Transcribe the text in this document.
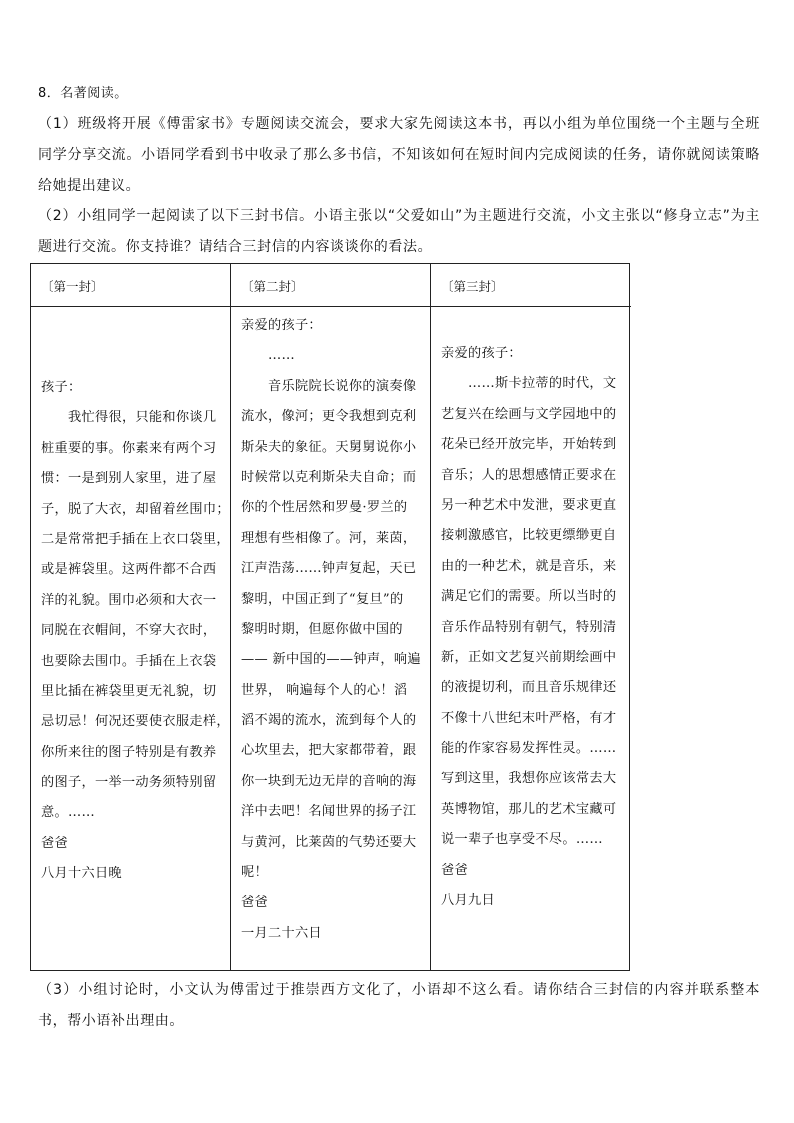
8．名著阅读。
（1）班级将开展《傅雷家书》专题阅读交流会，要求大家先阅读这本书，再以小组为单位围绕一个主题与全班同学分享交流。小语同学看到书中收录了那么多书信，不知该如何在短时间内完成阅读的任务，请你就阅读策略给她提出建议。
（2）小组同学一起阅读了以下三封书信。小语主张以“父爱如山”为主题进行交流，小文主张以“修身立志”为主题进行交流。你支持谁？请结合三封信的内容谈谈你的看法。
〔第一封〕	〔第二封〕	〔第三封〕
孩子：
我忙得很，只能和你谈几
桩重要的事。你素来有两个习
惯：一是到别人家里，进了屋
子，脱了大衣，却留着丝围巾；
二是常常把手插在上衣口袋里，
或是裤袋里。这两件都不合西
洋的礼貌。围巾必须和大衣一
同脱在衣帽间，不穿大衣时，
也要除去围巾。手插在上衣袋
里比插在裤袋里更无礼貌，切
忌切忌！何况还要使衣服走样，
你所来往的图子特别是有教养
的图子，一举一动务须特别留
意。……
爸爸
八月十六日晚
亲爱的孩子：
……
音乐院院长说你的演奏像
流水，像河；更令我想到克利
斯朵夫的象征。天舅舅说你小
时候常以克利斯朵夫自命；而
你的个性居然和罗曼·罗兰的
理想有些相像了。河，莱茵，
江声浩荡……钟声复起，天已
黎明，中国正到了“复旦”的
黎明时期，但愿你做中国的
—— 新中国的——钟声，响遍
世界， 响遍每个人的心！滔
滔不竭的流水，流到每个人的
心坎里去，把大家都带着，跟
你一块到无边无岸的音响的海
洋中去吧！名闻世界的扬子江
与黄河，比莱茵的气势还要大
呢！
爸爸
一月二十六日
亲爱的孩子：
……斯卡拉蒂的时代，文
艺复兴在绘画与文学园地中的
花朵已经开放完毕，开始转到
音乐；人的思想感情正要求在
另一种艺术中发泄，要求更直
接刺激感官，比较更缥缈更自
由的一种艺术，就是音乐，来
满足它们的需要。所以当时的
音乐作品特别有朝气，特别清
新，正如文艺复兴前期绘画中
的液提切利，而且音乐规律还
不像十八世纪末叶严格，有才
能的作家容易发挥性灵。……
写到这里，我想你应该常去大
英博物馆，那儿的艺术宝藏可
说一辈子也享受不尽。……
爸爸
八月九日
（3）小组讨论时，小文认为傅雷过于推崇西方文化了，小语却不这么看。请你结合三封信的内容并联系整本书，帮小语补出理由。
